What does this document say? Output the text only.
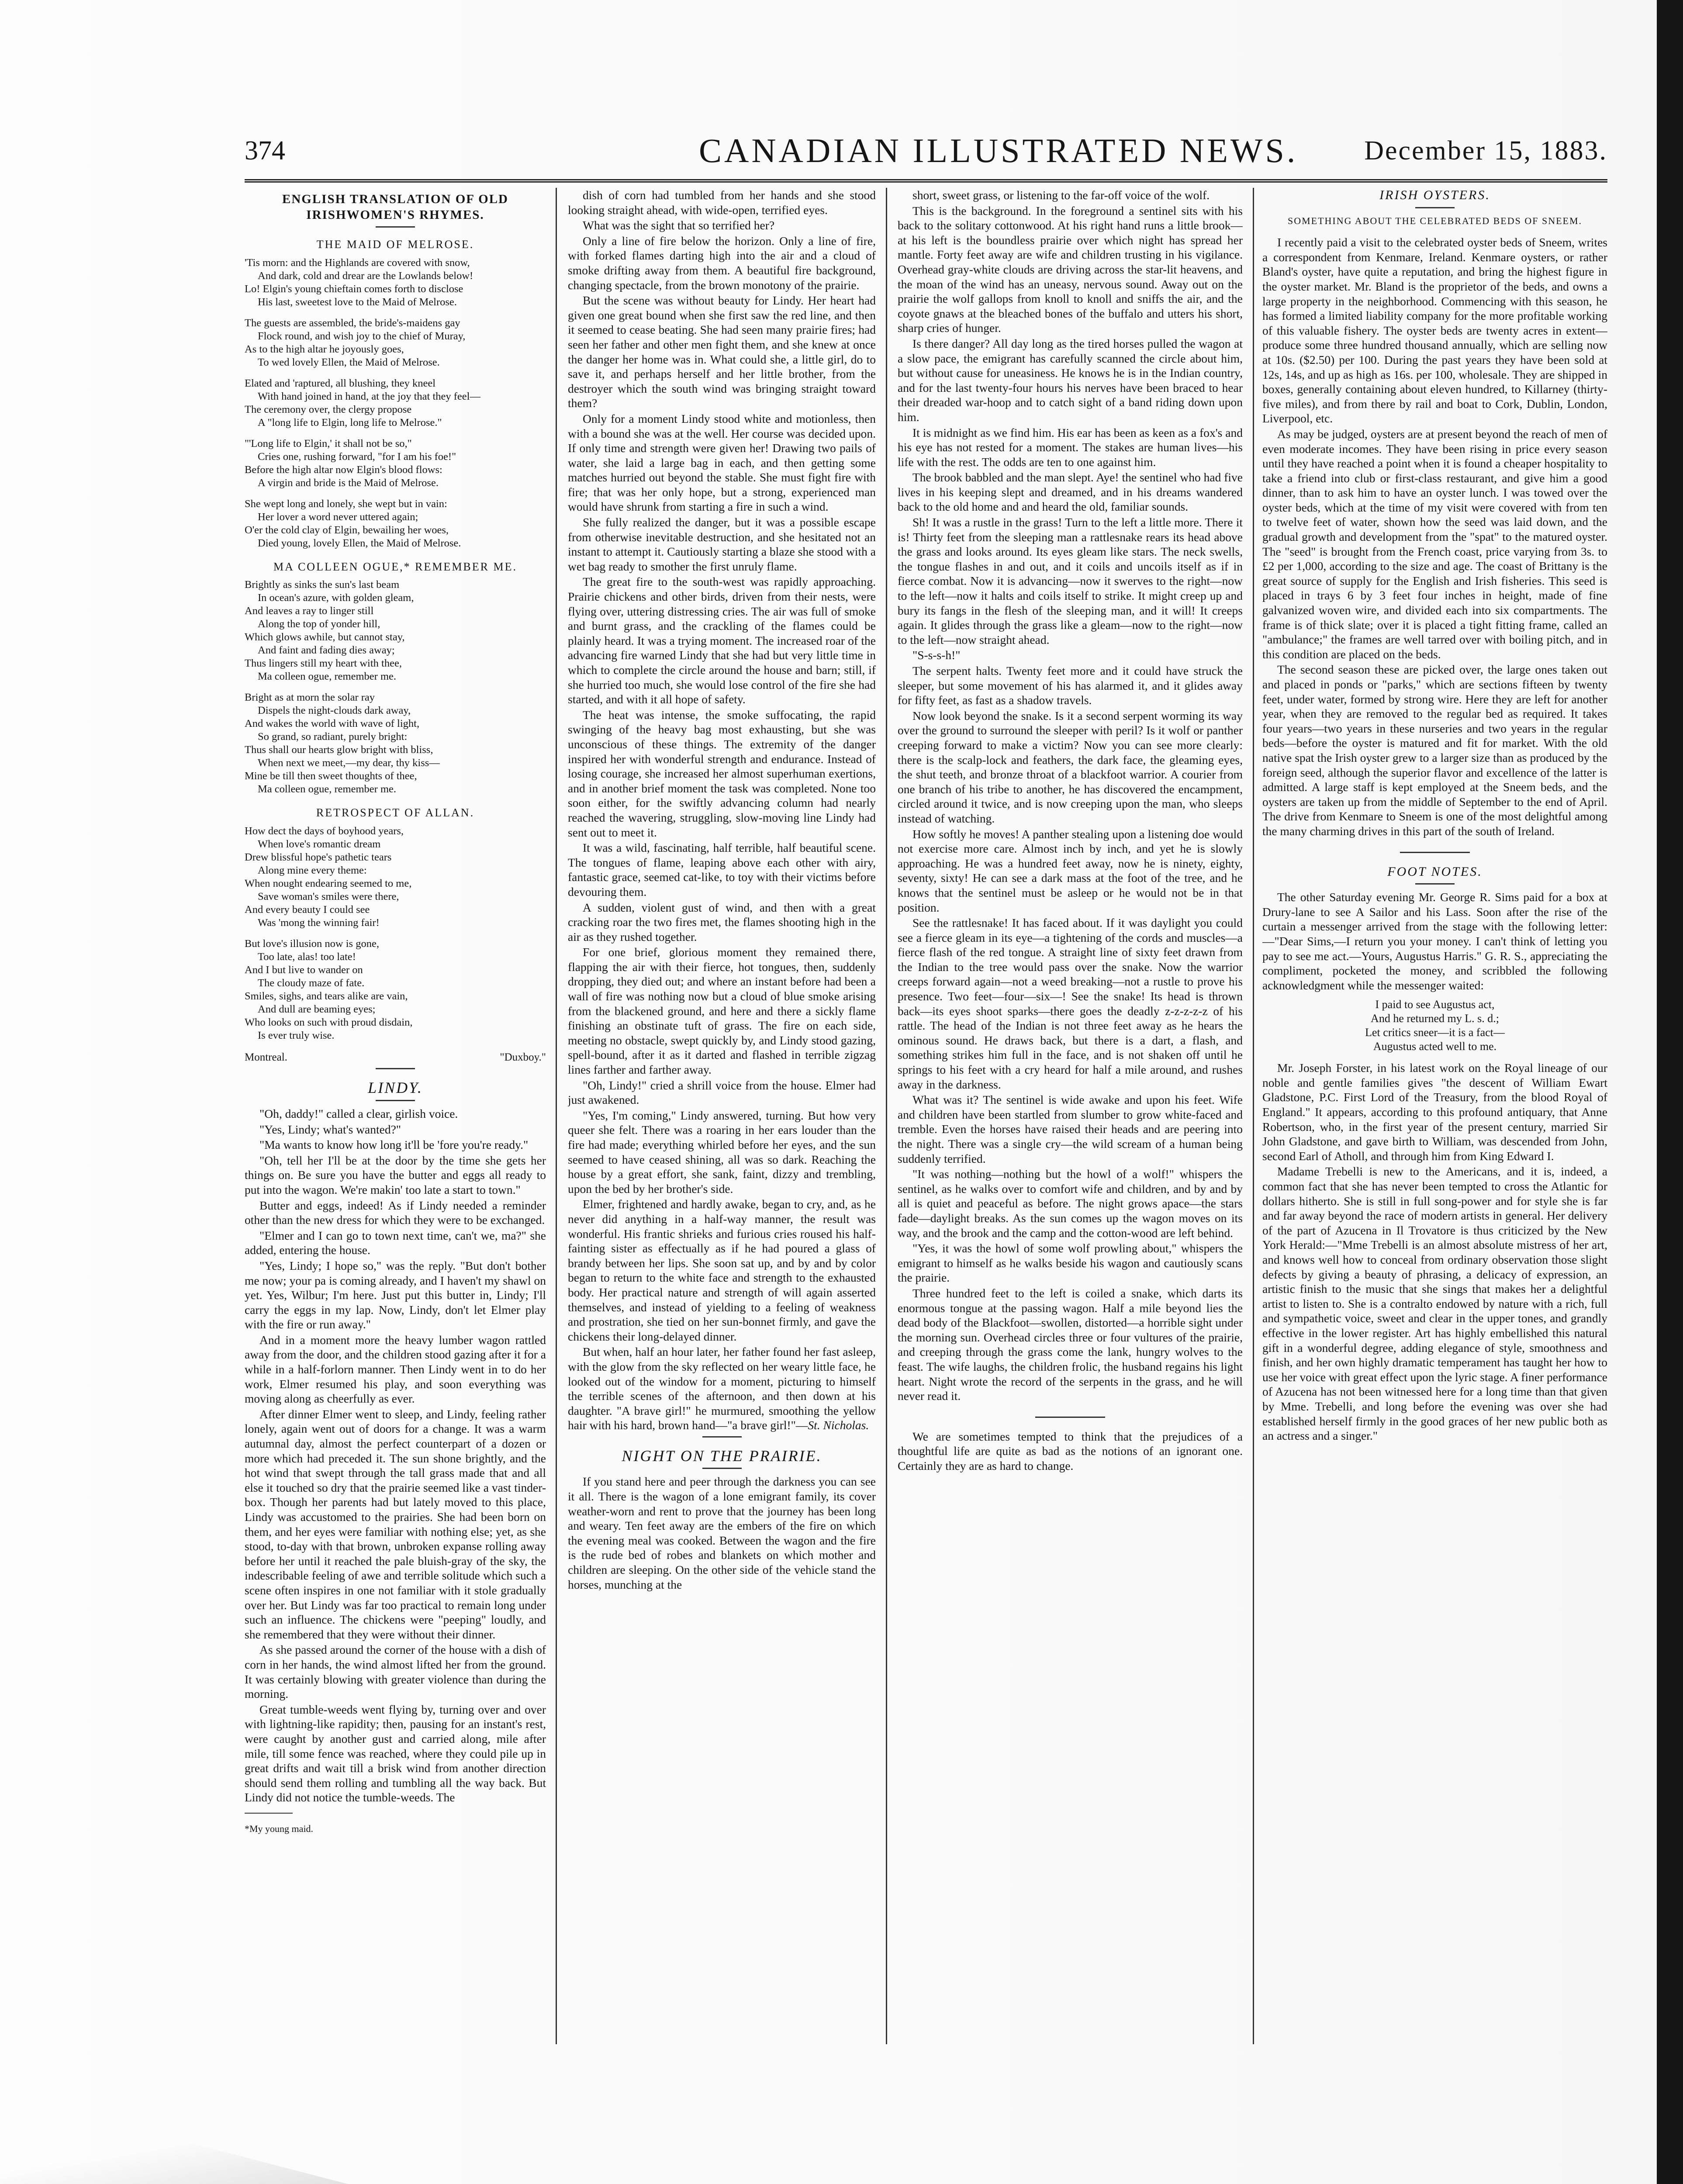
374	CANADIAN ILLUSTRATED NEWS. December 15, 1883.
ENGLISH TRANSLATION OF OLD IRISHWOMEN'S RHYMES.
THE MAID OF MELROSE.
'Tis morn: and the Highlands are covered with snow,
And dark, cold and drear are the Lowlands below!
Lo! Elgin's young chieftain comes forth to disclose
His last, sweetest love to the Maid of Melrose.
The guests are assembled, the bride's-maidens gay
Flock round, and wish joy to the chief of Muray,
As to the high altar he joyously goes,
To wed lovely Ellen, the Maid of Melrose.
Elated and 'raptured, all blushing, they kneel
With hand joined in hand, at the joy that they feel—
The ceremony over, the clergy propose
A "long life to Elgin, long life to Melrose."
"'Long life to Elgin,' it shall not be so,"
Cries one, rushing forward, "for I am his foe!"
Before the high altar now Elgin's blood flows:
A virgin and bride is the Maid of Melrose.
She wept long and lonely, she wept but in vain:
Her lover a word never uttered again;
O'er the cold clay of Elgin, bewailing her woes,
Died young, lovely Ellen, the Maid of Melrose.
MA COLLEEN OGUE,* REMEMBER ME.
Brightly as sinks the sun's last beam
In ocean's azure, with golden gleam,
And leaves a ray to linger still
Along the top of yonder hill,
Which glows awhile, but cannot stay,
And faint and fading dies away;
Thus lingers still my heart with thee,
Ma colleen ogue, remember me.
Bright as at morn the solar ray
Dispels the night-clouds dark away,
And wakes the world with wave of light,
So grand, so radiant, purely bright:
Thus shall our hearts glow bright with bliss,
When next we meet,—my dear, thy kiss—
Mine be till then sweet thoughts of thee,
Ma colleen ogue, remember me.
RETROSPECT OF ALLAN.
How dect the days of boyhood years,
When love's romantic dream
Drew blissful hope's pathetic tears
Along mine every theme:
When nought endearing seemed to me,
Save woman's smiles were there,
And every beauty I could see
Was 'mong the winning fair!
But love's illusion now is gone,
Too late, alas! too late!
And I but live to wander on
The cloudy maze of fate.
Smiles, sighs, and tears alike are vain,
And dull are beaming eyes;
Who looks on such with proud disdain,
Is ever truly wise.
Montreal.	"Duxboy."
LINDY.

"Oh, daddy!" called a clear, girlish voice.

"Yes, Lindy; what's wanted?"

"Ma wants to know how long it'll be 'fore you're ready."

"Oh, tell her I'll be at the door by the time she gets her things on. Be sure you have the butter and eggs all ready to put into the wagon. We're makin' too late a start to town."

Butter and eggs, indeed! As if Lindy needed a reminder other than the new dress for which they were to be exchanged.

"Elmer and I can go to town next time, can't we, ma?" she added, entering the house.

"Yes, Lindy; I hope so," was the reply. "But don't bother me now; your pa is coming already, and I haven't my shawl on yet. Yes, Wilbur; I'm here. Just put this butter in, Lindy; I'll carry the eggs in my lap. Now, Lindy, don't let Elmer play with the fire or run away."

And in a moment more the heavy lumber wagon rattled away from the door, and the children stood gazing after it for a while in a half-forlorn manner. Then Lindy went in to do her work, Elmer resumed his play, and soon everything was moving along as cheerfully as ever.

After dinner Elmer went to sleep, and Lindy, feeling rather lonely, again went out of doors for a change. It was a warm autumnal day, almost the perfect counterpart of a dozen or more which had preceded it. The sun shone brightly, and the hot wind that swept through the tall grass made that and all else it touched so dry that the prairie seemed like a vast tinder-box. Though her parents had but lately moved to this place, Lindy was accustomed to the prairies. She had been born on them, and her eyes were familiar with nothing else; yet, as she stood, to-day with that brown, unbroken expanse rolling away before her until it reached the pale bluish-gray of the sky, the indescribable feeling of awe and terrible solitude which such a scene often inspires in one not familiar with it stole gradually over her. But Lindy was far too practical to remain long under such an influence. The chickens were "peeping" loudly, and she remembered that they were without their dinner.

As she passed around the corner of the house with a dish of corn in her hands, the wind almost lifted her from the ground. It was certainly blowing with greater violence than during the morning.

Great tumble-weeds went flying by, turning over and over with lightning-like rapidity; then, pausing for an instant's rest, were caught by another gust and carried along, mile after mile, till some fence was reached, where they could pile up in great drifts and wait till a brisk wind from another direction should send them rolling and tumbling all the way back. But Lindy did not notice the tumble-weeds. The

*My young maid.

dish of corn had tumbled from her hands and she stood looking straight ahead, with wide-open, terrified eyes.

What was the sight that so terrified her?

Only a line of fire below the horizon. Only a line of fire, with forked flames darting high into the air and a cloud of smoke drifting away from them. A beautiful fire background, changing spectacle, from the brown monotony of the prairie.

But the scene was without beauty for Lindy. Her heart had given one great bound when she first saw the red line, and then it seemed to cease beating. She had seen many prairie fires; had seen her father and other men fight them, and she knew at once the danger her home was in. What could she, a little girl, do to save it, and perhaps herself and her little brother, from the destroyer which the south wind was bringing straight toward them?

Only for a moment Lindy stood white and motionless, then with a bound she was at the well. Her course was decided upon. If only time and strength were given her! Drawing two pails of water, she laid a large bag in each, and then getting some matches hurried out beyond the stable. She must fight fire with fire; that was her only hope, but a strong, experienced man would have shrunk from starting a fire in such a wind.

She fully realized the danger, but it was a possible escape from otherwise inevitable destruction, and she hesitated not an instant to attempt it. Cautiously starting a blaze she stood with a wet bag ready to smother the first unruly flame.

The great fire to the south-west was rapidly approaching. Prairie chickens and other birds, driven from their nests, were flying over, uttering distressing cries. The air was full of smoke and burnt grass, and the crackling of the flames could be plainly heard. It was a trying moment. The increased roar of the advancing fire warned Lindy that she had but very little time in which to complete the circle around the house and barn; still, if she hurried too much, she would lose control of the fire she had started, and with it all hope of safety.

The heat was intense, the smoke suffocating, the rapid swinging of the heavy bag most exhausting, but she was unconscious of these things. The extremity of the danger inspired her with wonderful strength and endurance. Instead of losing courage, she increased her almost superhuman exertions, and in another brief moment the task was completed. None too soon either, for the swiftly advancing column had nearly reached the wavering, struggling, slow-moving line Lindy had sent out to meet it.

It was a wild, fascinating, half terrible, half beautiful scene. The tongues of flame, leaping above each other with airy, fantastic grace, seemed cat-like, to toy with their victims before devouring them.

A sudden, violent gust of wind, and then with a great cracking roar the two fires met, the flames shooting high in the air as they rushed together.

For one brief, glorious moment they remained there, flapping the air with their fierce, hot tongues, then, suddenly dropping, they died out; and where an instant before had been a wall of fire was nothing now but a cloud of blue smoke arising from the blackened ground, and here and there a sickly flame finishing an obstinate tuft of grass. The fire on each side, meeting no obstacle, swept quickly by, and Lindy stood gazing, spell-bound, after it as it darted and flashed in terrible zigzag lines farther and farther away.

"Oh, Lindy!" cried a shrill voice from the house. Elmer had just awakened.

"Yes, I'm coming," Lindy answered, turning. But how very queer she felt. There was a roaring in her ears louder than the fire had made; everything whirled before her eyes, and the sun seemed to have ceased shining, all was so dark. Reaching the house by a great effort, she sank, faint, dizzy and trembling, upon the bed by her brother's side.

Elmer, frightened and hardly awake, began to cry, and, as he never did anything in a half-way manner, the result was wonderful. His frantic shrieks and furious cries roused his half-fainting sister as effectually as if he had poured a glass of brandy between her lips. She soon sat up, and by and by color began to return to the white face and strength to the exhausted body. Her practical nature and strength of will again asserted themselves, and instead of yielding to a feeling of weakness and prostration, she tied on her sun-bonnet firmly, and gave the chickens their long-delayed dinner.

But when, half an hour later, her father found her fast asleep, with the glow from the sky reflected on her weary little face, he looked out of the window for a moment, picturing to himself the terrible scenes of the afternoon, and then down at his daughter. "A brave girl!" he murmured, smoothing the yellow hair with his hard, brown hand—"a brave girl!"—St. Nicholas.

NIGHT ON THE PRAIRIE.

If you stand here and peer through the darkness you can see it all. There is the wagon of a lone emigrant family, its cover weather-worn and rent to prove that the journey has been long and weary. Ten feet away are the embers of the fire on which the evening meal was cooked. Between the wagon and the fire is the rude bed of robes and blankets on which mother and children are sleeping. On the other side of the vehicle stand the horses, munching at the

short, sweet grass, or listening to the far-off voice of the wolf.

This is the background. In the foreground a sentinel sits with his back to the solitary cottonwood. At his right hand runs a little brook—at his left is the boundless prairie over which night has spread her mantle. Forty feet away are wife and children trusting in his vigilance. Overhead gray-white clouds are driving across the star-lit heavens, and the moan of the wind has an uneasy, nervous sound. Away out on the prairie the wolf gallops from knoll to knoll and sniffs the air, and the coyote gnaws at the bleached bones of the buffalo and utters his short, sharp cries of hunger.

Is there danger? All day long as the tired horses pulled the wagon at a slow pace, the emigrant has carefully scanned the circle about him, but without cause for uneasiness. He knows he is in the Indian country, and for the last twenty-four hours his nerves have been braced to hear their dreaded war-hoop and to catch sight of a band riding down upon him.

It is midnight as we find him. His ear has been as keen as a fox's and his eye has not rested for a moment. The stakes are human lives—his life with the rest. The odds are ten to one against him.

The brook babbled and the man slept. Aye! the sentinel who had five lives in his keeping slept and dreamed, and in his dreams wandered back to the old home and and heard the old, familiar sounds.

Sh! It was a rustle in the grass! Turn to the left a little more. There it is! Thirty feet from the sleeping man a rattlesnake rears its head above the grass and looks around. Its eyes gleam like stars. The neck swells, the tongue flashes in and out, and it coils and uncoils itself as if in fierce combat. Now it is advancing—now it swerves to the right—now to the left—now it halts and coils itself to strike. It might creep up and bury its fangs in the flesh of the sleeping man, and it will! It creeps again. It glides through the grass like a gleam—now to the right—now to the left—now straight ahead.

"S-s-s-h!"

The serpent halts. Twenty feet more and it could have struck the sleeper, but some movement of his has alarmed it, and it glides away for fifty feet, as fast as a shadow travels.

Now look beyond the snake. Is it a second serpent worming its way over the ground to surround the sleeper with peril? Is it wolf or panther creeping forward to make a victim? Now you can see more clearly: there is the scalp-lock and feathers, the dark face, the gleaming eyes, the shut teeth, and bronze throat of a blackfoot warrior. A courier from one branch of his tribe to another, he has discovered the encampment, circled around it twice, and is now creeping upon the man, who sleeps instead of watching.

How softly he moves! A panther stealing upon a listening doe would not exercise more care. Almost inch by inch, and yet he is slowly approaching. He was a hundred feet away, now he is ninety, eighty, seventy, sixty! He can see a dark mass at the foot of the tree, and he knows that the sentinel must be asleep or he would not be in that position.

See the rattlesnake! It has faced about. If it was daylight you could see a fierce gleam in its eye—a tightening of the cords and muscles—a fierce flash of the red tongue. A straight line of sixty feet drawn from the Indian to the tree would pass over the snake. Now the warrior creeps forward again—not a weed breaking—not a rustle to prove his presence. Two feet—four—six—! See the snake! Its head is thrown back—its eyes shoot sparks—there goes the deadly z-z-z-z-z of his rattle. The head of the Indian is not three feet away as he hears the ominous sound. He draws back, but there is a dart, a flash, and something strikes him full in the face, and is not shaken off until he springs to his feet with a cry heard for half a mile around, and rushes away in the darkness.

What was it? The sentinel is wide awake and upon his feet. Wife and children have been startled from slumber to grow white-faced and tremble. Even the horses have raised their heads and are peering into the night. There was a single cry—the wild scream of a human being suddenly terrified.

"It was nothing—nothing but the howl of a wolf!" whispers the sentinel, as he walks over to comfort wife and children, and by and by all is quiet and peaceful as before. The night grows apace—the stars fade—daylight breaks. As the sun comes up the wagon moves on its way, and the brook and the camp and the cotton-wood are left behind.

"Yes, it was the howl of some wolf prowling about," whispers the emigrant to himself as he walks beside his wagon and cautiously scans the prairie.

Three hundred feet to the left is coiled a snake, which darts its enormous tongue at the passing wagon. Half a mile beyond lies the dead body of the Blackfoot—swollen, distorted—a horrible sight under the morning sun. Overhead circles three or four vultures of the prairie, and creeping through the grass come the lank, hungry wolves to the feast. The wife laughs, the children frolic, the husband regains his light heart. Night wrote the record of the serpents in the grass, and he will never read it.

We are sometimes tempted to think that the prejudices of a thoughtful life are quite as bad as the notions of an ignorant one. Certainly they are as hard to change.

IRISH OYSTERS.
SOMETHING ABOUT THE CELEBRATED BEDS OF SNEEM.

I recently paid a visit to the celebrated oyster beds of Sneem, writes a correspondent from Kenmare, Ireland. Kenmare oysters, or rather Bland's oyster, have quite a reputation, and bring the highest figure in the oyster market. Mr. Bland is the proprietor of the beds, and owns a large property in the neighborhood. Commencing with this season, he has formed a limited liability company for the more profitable working of this valuable fishery. The oyster beds are twenty acres in extent—produce some three hundred thousand annually, which are selling now at 10s. ($2.50) per 100. During the past years they have been sold at 12s, 14s, and up as high as 16s. per 100, wholesale. They are shipped in boxes, generally containing about eleven hundred, to Killarney (thirty-five miles), and from there by rail and boat to Cork, Dublin, London, Liverpool, etc.

As may be judged, oysters are at present beyond the reach of men of even moderate incomes. They have been rising in price every season until they have reached a point when it is found a cheaper hospitality to take a friend into club or first-class restaurant, and give him a good dinner, than to ask him to have an oyster lunch. I was towed over the oyster beds, which at the time of my visit were covered with from ten to twelve feet of water, shown how the seed was laid down, and the gradual growth and development from the "spat" to the matured oyster. The "seed" is brought from the French coast, price varying from 3s. to £2 per 1,000, according to the size and age. The coast of Brittany is the great source of supply for the English and Irish fisheries. This seed is placed in trays 6 by 3 feet four inches in height, made of fine galvanized woven wire, and divided each into six compartments. The frame is of thick slate; over it is placed a tight fitting frame, called an "ambulance;" the frames are well tarred over with boiling pitch, and in this condition are placed on the beds.

The second season these are picked over, the large ones taken out and placed in ponds or "parks," which are sections fifteen by twenty feet, under water, formed by strong wire. Here they are left for another year, when they are removed to the regular bed as required. It takes four years—two years in these nurseries and two years in the regular beds—before the oyster is matured and fit for market. With the old native spat the Irish oyster grew to a larger size than as produced by the foreign seed, although the superior flavor and excellence of the latter is admitted. A large staff is kept employed at the Sneem beds, and the oysters are taken up from the middle of September to the end of April. The drive from Kenmare to Sneem is one of the most delightful among the many charming drives in this part of the south of Ireland.

FOOT NOTES.

The other Saturday evening Mr. George R. Sims paid for a box at Drury-lane to see A Sailor and his Lass. Soon after the rise of the curtain a messenger arrived from the stage with the following letter:—"Dear Sims,—I return you your money. I can't think of letting you pay to see me act.—Yours, Augustus Harris." G. R. S., appreciating the compliment, pocketed the money, and scribbled the following acknowledgment while the messenger waited:

I paid to see Augustus act,
And he returned my L. s. d.;
Let critics sneer—it is a fact—
Augustus acted well to me.

Mr. Joseph Forster, in his latest work on the Royal lineage of our noble and gentle families gives "the descent of William Ewart Gladstone, P.C. First Lord of the Treasury, from the blood Royal of England." It appears, according to this profound antiquary, that Anne Robertson, who, in the first year of the present century, married Sir John Gladstone, and gave birth to William, was descended from John, second Earl of Atholl, and through him from King Edward I.

Madame Trebelli is new to the Americans, and it is, indeed, a common fact that she has never been tempted to cross the Atlantic for dollars hitherto. She is still in full song-power and for style she is far and far away beyond the race of modern artists in general. Her delivery of the part of Azucena in Il Trovatore is thus criticized by the New York Herald:—"Mme Trebelli is an almost absolute mistress of her art, and knows well how to conceal from ordinary observation those slight defects by giving a beauty of phrasing, a delicacy of expression, an artistic finish to the music that she sings that makes her a delightful artist to listen to. She is a contralto endowed by nature with a rich, full and sympathetic voice, sweet and clear in the upper tones, and grandly effective in the lower register. Art has highly embellished this natural gift in a wonderful degree, adding elegance of style, smoothness and finish, and her own highly dramatic temperament has taught her how to use her voice with great effect upon the lyric stage. A finer performance of Azucena has not been witnessed here for a long time than that given by Mme. Trebelli, and long before the evening was over she had established herself firmly in the good graces of her new public both as an actress and a singer."
